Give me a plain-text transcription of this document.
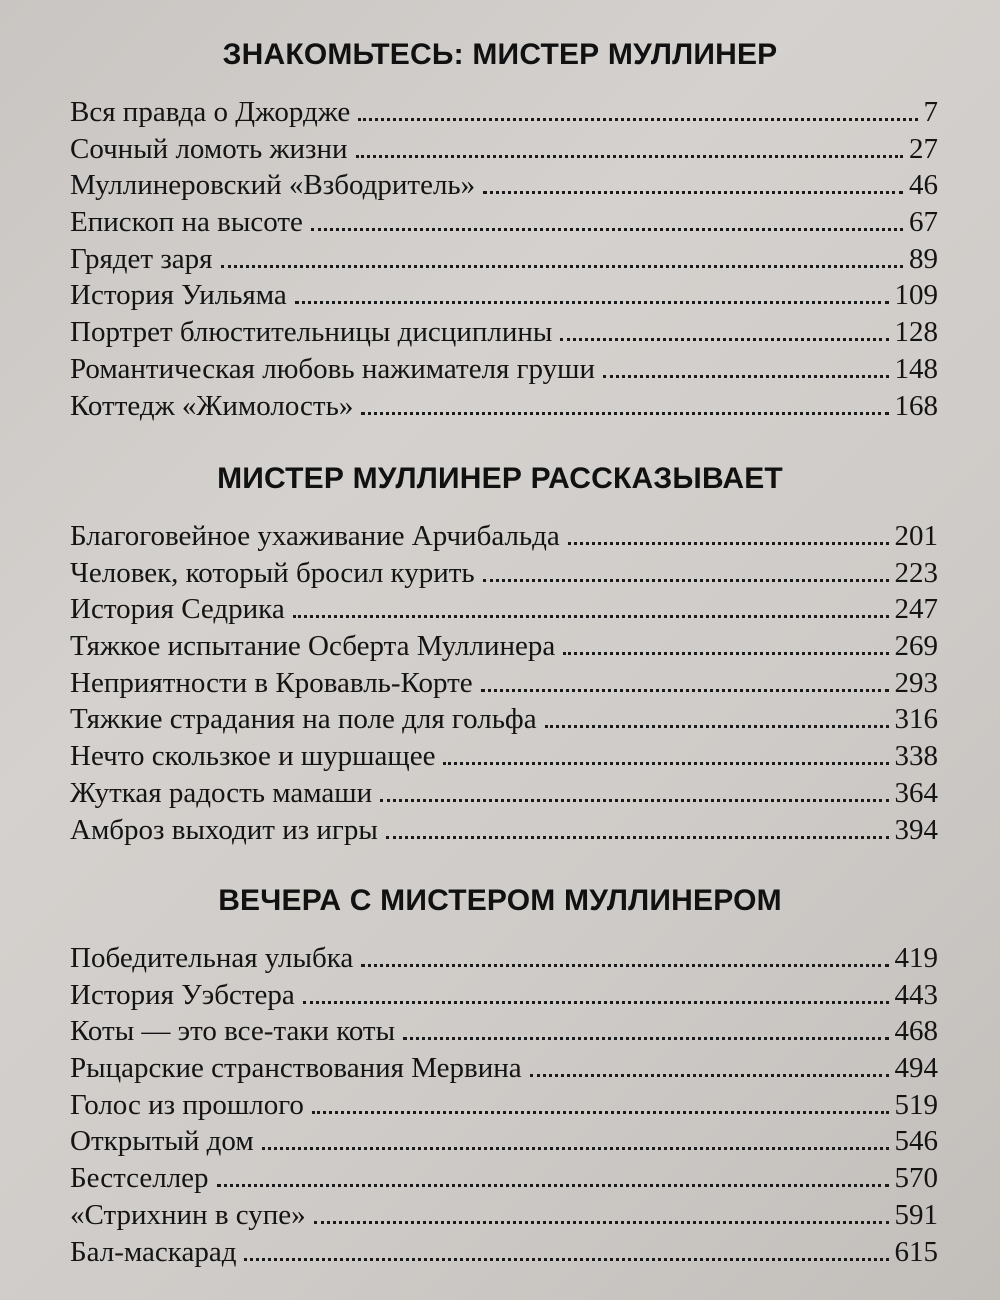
ЗНАКОМЬТЕСЬ: МИСТЕР МУЛЛИНЕР
Вся правда о Джордже	7
Сочный ломоть жизни	27
Муллинеровский «Взбодритель»	46
Епископ на высоте	67
Грядет заря	89
История Уильяма	109
Портрет блюстительницы дисциплины	128
Романтическая любовь нажимателя груши	148
Коттедж «Жимолость»	168
МИСТЕР МУЛЛИНЕР РАССКАЗЫВАЕТ
Благоговейное ухаживание Арчибальда	201
Человек, который бросил курить	223
История Седрика	247
Тяжкое испытание Осберта Муллинера	269
Неприятности в Кровавль-Корте	293
Тяжкие страдания на поле для гольфа	316
Нечто скользкое и шуршащее	338
Жуткая радость мамаши	364
Амброз выходит из игры	394
ВЕЧЕРА С МИСТЕРОМ МУЛЛИНЕРОМ
Победительная улыбка	419
История Уэбстера	443
Коты — это все-таки коты	468
Рыцарские странствования Мервина	494
Голос из прошлого	519
Открытый дом	546
Бестселлер	570
«Стрихнин в супе»	591
Бал-маскарад	615
